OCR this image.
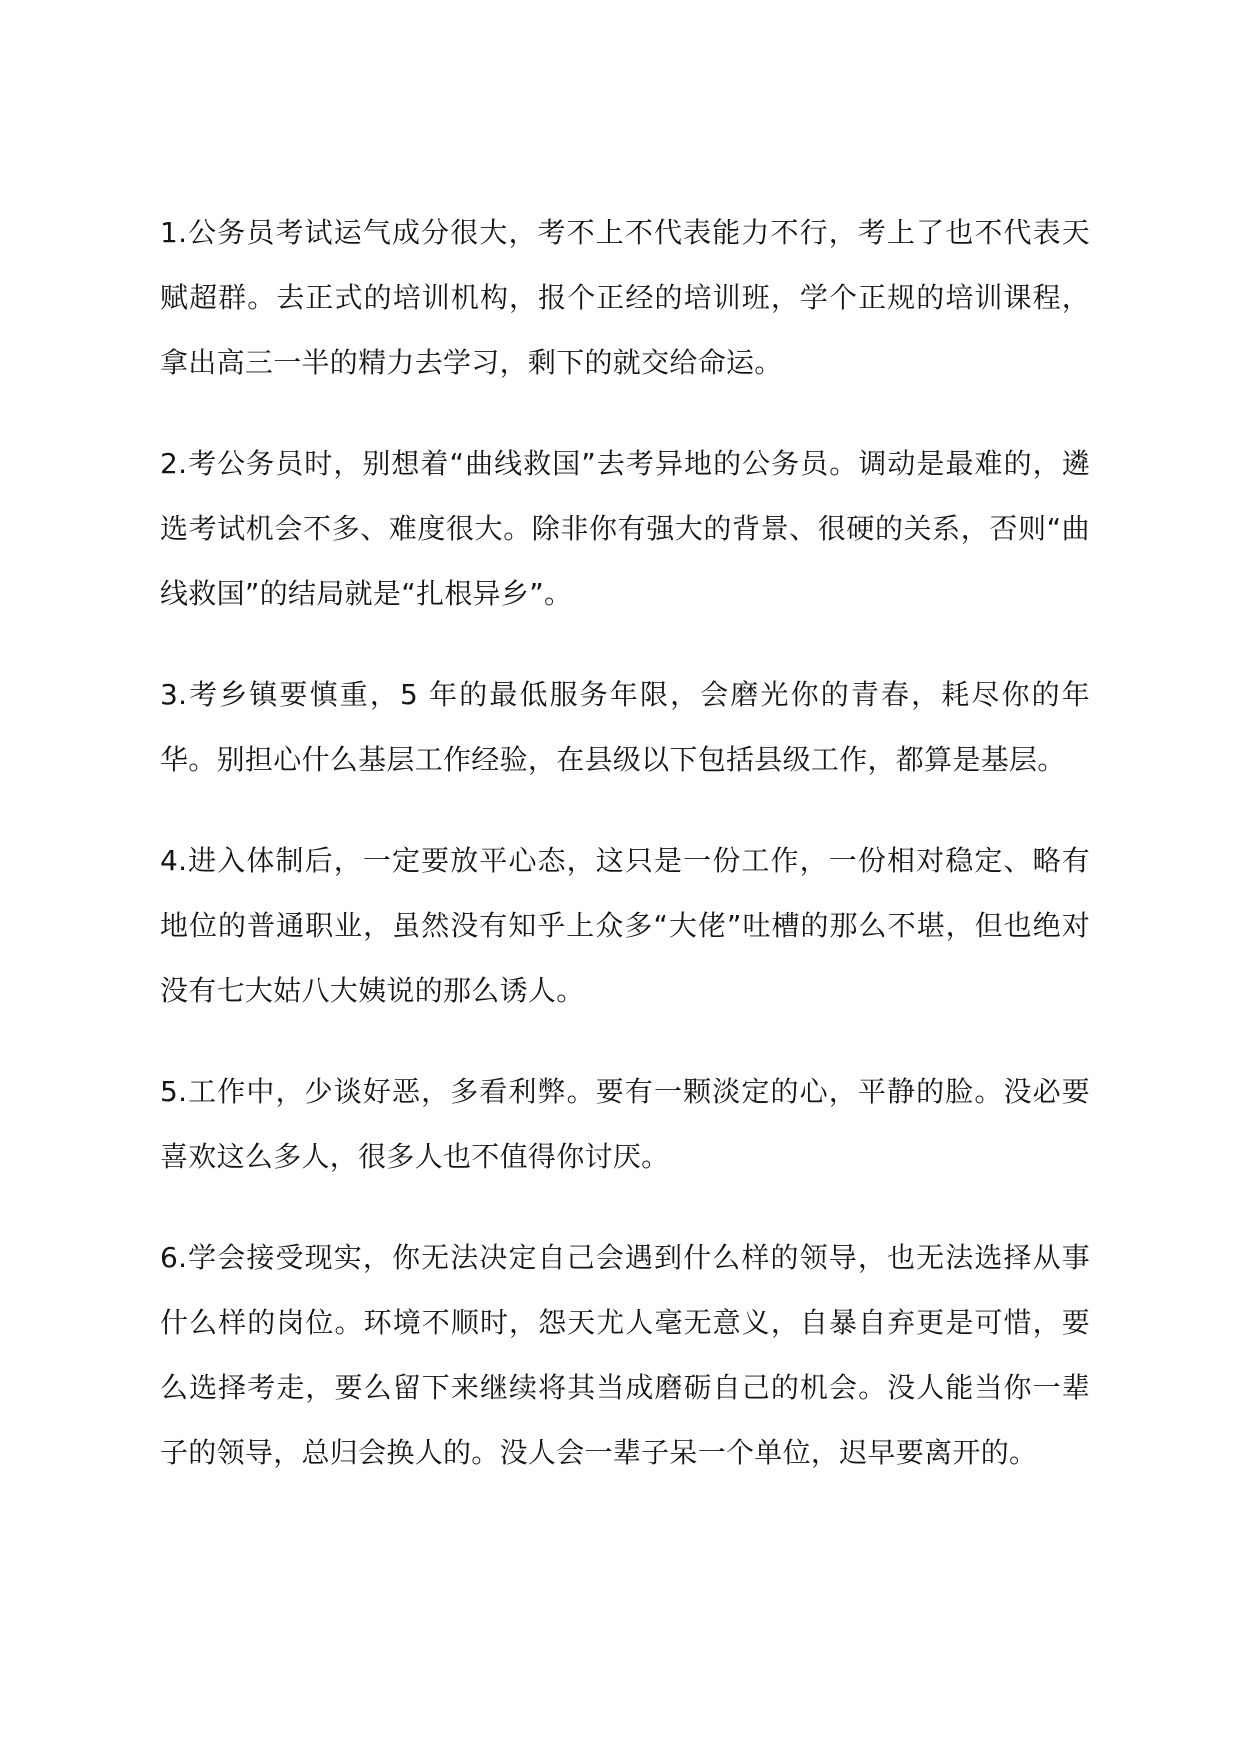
1.公务员考试运气成分很大，考不上不代表能力不行，考上了也不代表天赋超群。去正式的培训机构，报个正经的培训班，学个正规的培训课程，拿出高三一半的精力去学习，剩下的就交给命运。

2.考公务员时，别想着“曲线救国”去考异地的公务员。调动是最难的，遴选考试机会不多、难度很大。除非你有强大的背景、很硬的关系，否则“曲线救国”的结局就是“扎根异乡”。

3.考乡镇要慎重，5 年的最低服务年限，会磨光你的青春，耗尽你的年华。别担心什么基层工作经验，在县级以下包括县级工作，都算是基层。

4.进入体制后，一定要放平心态，这只是一份工作，一份相对稳定、略有地位的普通职业，虽然没有知乎上众多“大佬”吐槽的那么不堪，但也绝对没有七大姑八大姨说的那么诱人。

5.工作中，少谈好恶，多看利弊。要有一颗淡定的心，平静的脸。没必要喜欢这么多人，很多人也不值得你讨厌。

6.学会接受现实，你无法决定自己会遇到什么样的领导，也无法选择从事什么样的岗位。环境不顺时，怨天尤人毫无意义，自暴自弃更是可惜，要么选择考走，要么留下来继续将其当成磨砺自己的机会。没人能当你一辈子的领导，总归会换人的。没人会一辈子呆一个单位，迟早要离开的。
